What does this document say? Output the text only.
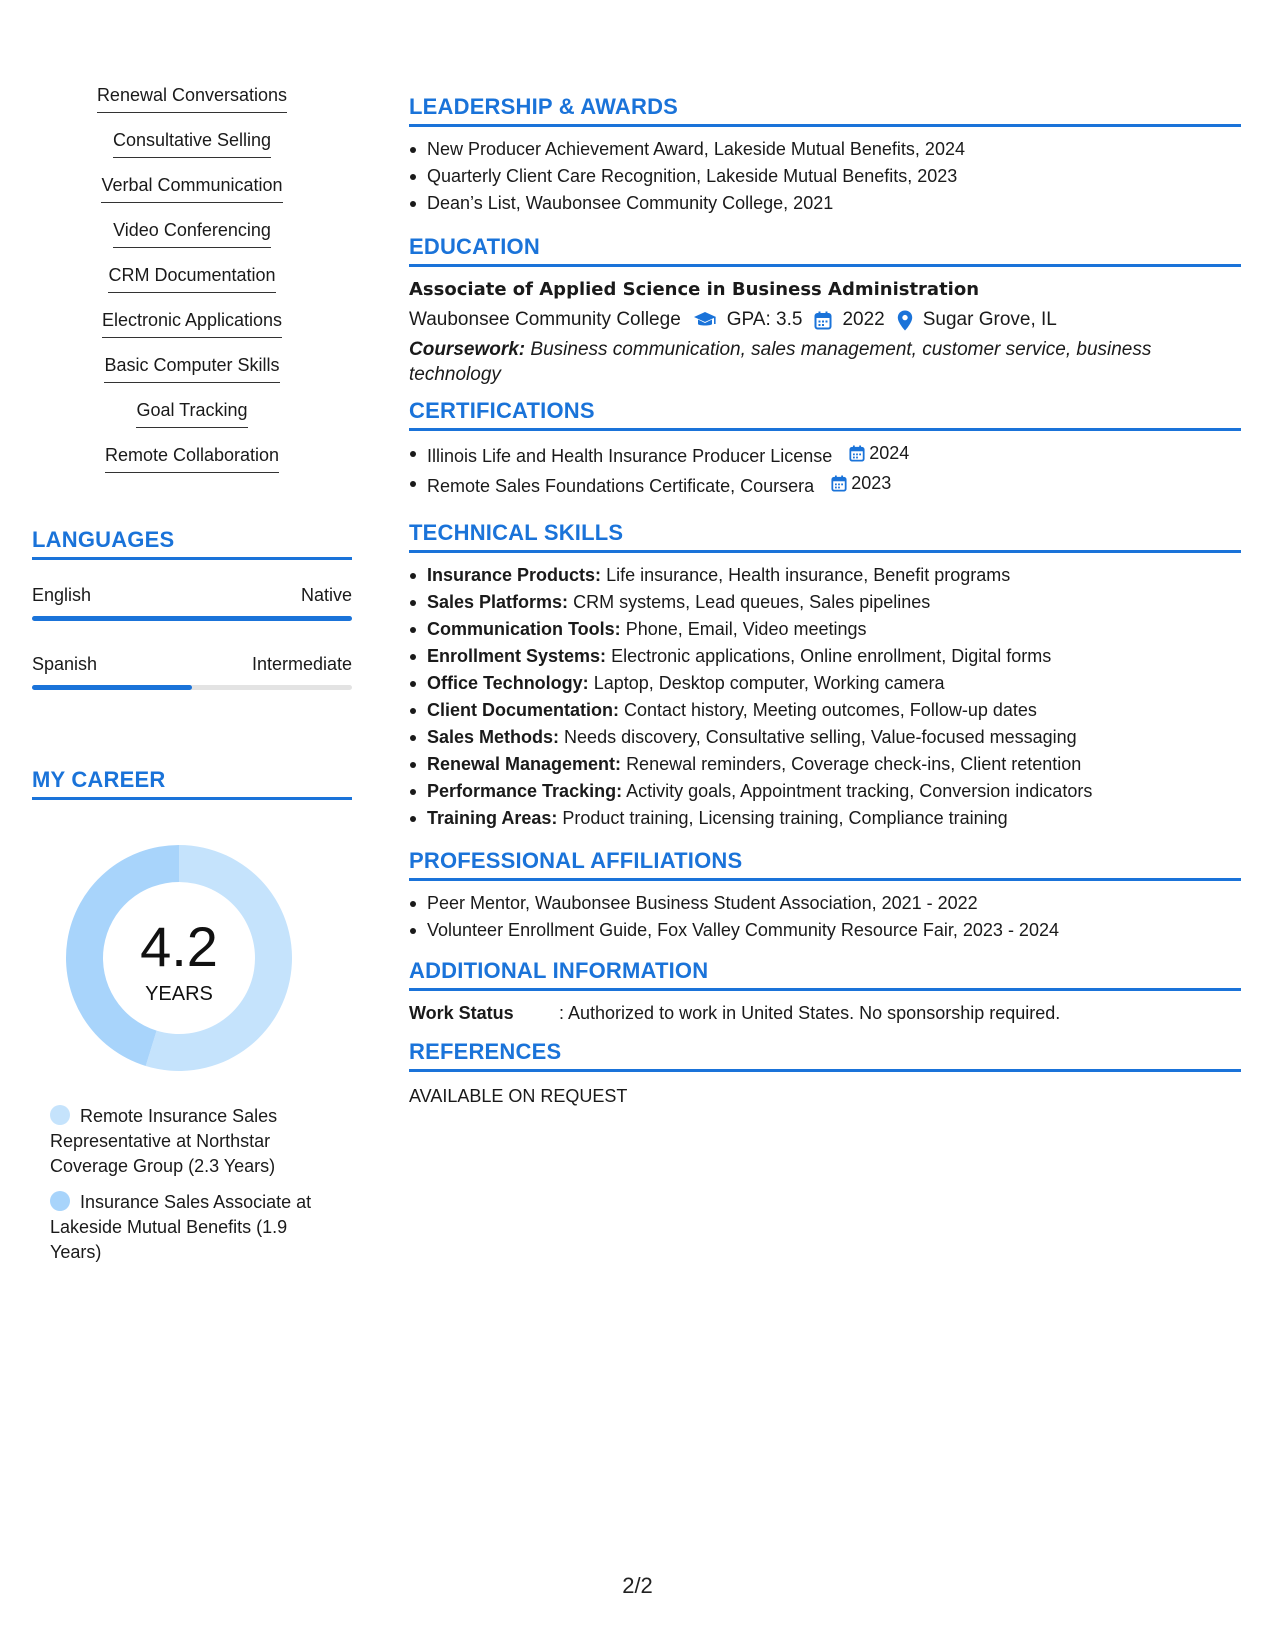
Renewal Conversations
Consultative Selling
Verbal Communication
Video Conferencing
CRM Documentation
Electronic Applications
Basic Computer Skills
Goal Tracking
Remote Collaboration
LANGUAGES
English	Native
Spanish	Intermediate
MY CAREER
4.2
YEARS
Remote Insurance Sales Representative at Northstar Coverage Group (2.3 Years)
Insurance Sales Associate at Lakeside Mutual Benefits (1.9 Years)
LEADERSHIP & AWARDS
New Producer Achievement Award, Lakeside Mutual Benefits, 2024
Quarterly Client Care Recognition, Lakeside Mutual Benefits, 2023
Dean’s List, Waubonsee Community College, 2021
EDUCATION
Associate of Applied Science in Business Administration
Waubonsee Community College GPA: 3.5 2022 Sugar Grove, IL
Coursework: Business communication, sales management, customer service, business technology
CERTIFICATIONS
Illinois Life and Health Insurance Producer License 2024
Remote Sales Foundations Certificate, Coursera 2023
TECHNICAL SKILLS
Insurance Products: Life insurance, Health insurance, Benefit programs
Sales Platforms: CRM systems, Lead queues, Sales pipelines
Communication Tools: Phone, Email, Video meetings
Enrollment Systems: Electronic applications, Online enrollment, Digital forms
Office Technology: Laptop, Desktop computer, Working camera
Client Documentation: Contact history, Meeting outcomes, Follow-up dates
Sales Methods: Needs discovery, Consultative selling, Value-focused messaging
Renewal Management: Renewal reminders, Coverage check-ins, Client retention
Performance Tracking: Activity goals, Appointment tracking, Conversion indicators
Training Areas: Product training, Licensing training, Compliance training
PROFESSIONAL AFFILIATIONS
Peer Mentor, Waubonsee Business Student Association, 2021 - 2022
Volunteer Enrollment Guide, Fox Valley Community Resource Fair, 2023 - 2024
ADDITIONAL INFORMATION
Work Status	: Authorized to work in United States. No sponsorship required.
REFERENCES
AVAILABLE ON REQUEST
2/2
